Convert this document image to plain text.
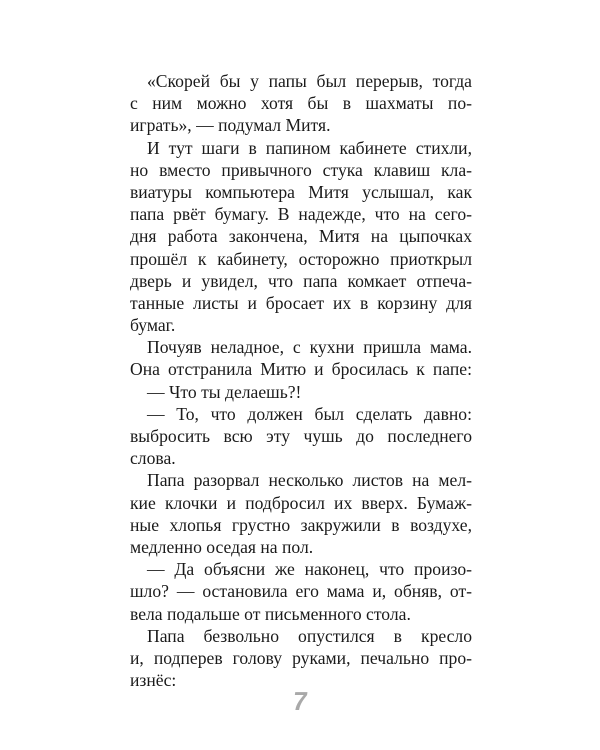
«Скорей бы у папы был перерыв, тогда
с ним можно хотя бы в шахматы по-
играть», — подумал Митя.
И тут шаги в папином кабинете стихли,
но вместо привычного стука клавиш кла-
виатуры компьютера Митя услышал, как
папа рвёт бумагу. В надежде, что на сего-
дня работа закончена, Митя на цыпочках
прошёл к кабинету, осторожно приоткрыл
дверь и увидел, что папа комкает отпеча-
танные листы и бросает их в корзину для
бумаг.
Почуяв неладное, с кухни пришла мама.
Она отстранила Митю и бросилась к папе:
— Что ты делаешь?!
— То, что должен был сделать давно:
выбросить всю эту чушь до последнего
слова.
Папа разорвал несколько листов на мел-
кие клочки и подбросил их вверх. Бумаж-
ные хлопья грустно закружили в воздухе,
медленно оседая на пол.
— Да объясни же наконец, что произо-
шло? — остановила его мама и, обняв, от-
вела подальше от письменного стола.
Папа безвольно опустился в кресло
и, подперев голову руками, печально про-
изнёс:
7
